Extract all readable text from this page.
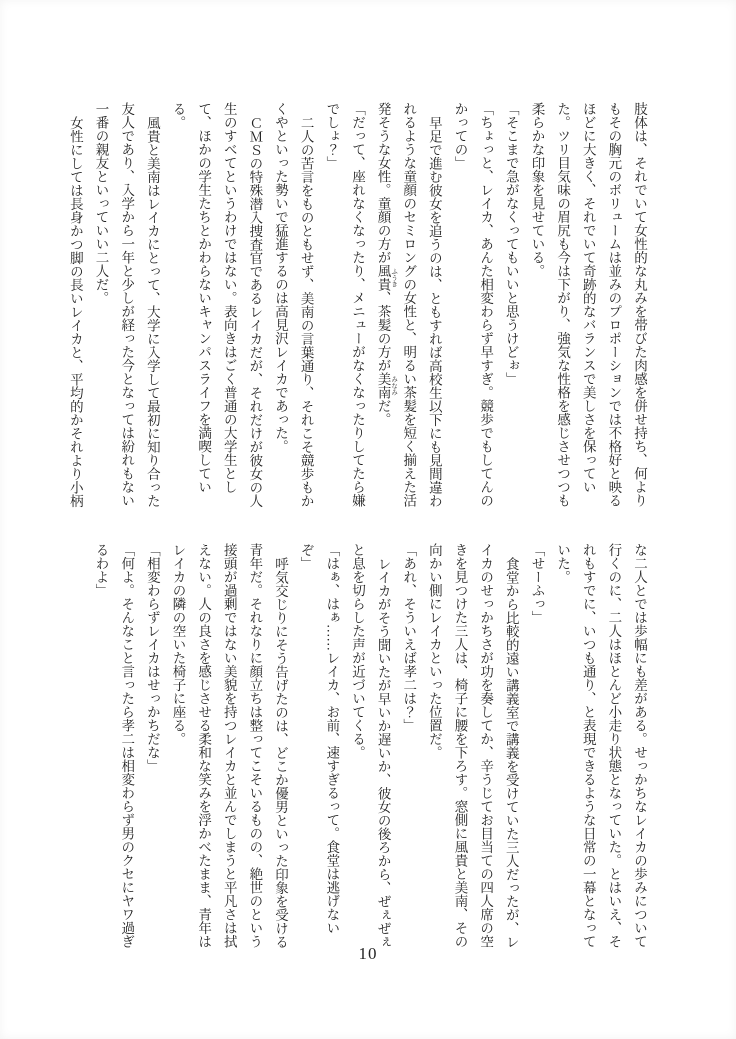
肢体は、それでいて女性的な丸みを帯びた肉感を併せ持ち、何よりもその胸元のボリュームは並みのプロポーションでは不格好と映るほどに大きく、それでいて奇跡的なバランスで美しさを保っていた。ツリ目気味の眉尻も今は下がり、強気な性格を感じさせつつも柔らかな印象を見せている。

「そこまで急がなくってもいいと思うけどぉ」

「ちょっと、レイカ、あんた相変わらず早すぎ。競歩でもしてんのかっての」

早足で進む彼女を追うのは、ともすれば高校生以下にも見間違われるような童顔のセミロングの女性と、明るい茶髪を短く揃えた活発そうな女性。童顔の方が風貴 ふうき、茶髪の方が美南 みなみだ。

「だって、座れなくなったり、メニューがなくなったりしてたら嫌でしょ？」

二人の苦言をものともせず、美南の言葉通り、それこそ競歩もかくやといった勢いで猛進するのは高見沢レイカであった。

ＣＭＳの特殊潜入捜査官であるレイカだが、それだけが彼女の人生のすべてというわけではない。表向きはごく普通の大学生として、ほかの学生たちとかわらないキャンパスライフを満喫している。

風貴と美南はレイカにとって、大学に入学して最初に知り合った友人であり、入学から一年と少しが経った今となっては紛れもない一番の親友といっていい二人だ。

女性にしては長身かつ脚の長いレイカと、平均的かそれより小柄

な二人とでは歩幅にも差がある。せっかちなレイカの歩みについて行くのに、二人はほとんど小走り状態となっていた。とはいえ、それもすでに、いつも通り、と表現できるような日常の一幕となっていた。

「せーふっ」

食堂から比較的遠い講義室で講義を受けていた三人だったが、レイカのせっかちさが功を奏してか、辛うじてお目当ての四人席の空きを見つけた三人は、椅子に腰を下ろす。窓側に風貴と美南、その向かい側にレイカといった位置だ。

「あれ、そういえば孝二は？」

レイカがそう聞いたが早いか遅いか、彼女の後ろから、ぜぇぜぇと息を切らした声が近づいてくる。

「はぁ、はぁ……レイカ、お前、速すぎるって。食堂は逃げないぞ」

呼気交じりにそう告げたのは、どこか優男といった印象を受ける青年だ。それなりに顔立ちは整ってこそいるものの、絶世のという接頭が過剰ではない美貌を持つレイカと並んでしまうと平凡さは拭えない。人の良さを感じさせる柔和な笑みを浮かべたまま、青年はレイカの隣の空いた椅子に座る。

「相変わらずレイカはせっかちだな」

「何よ。そんなこと言ったら孝二は相変わらず男のクセにヤワ過ぎるわよ」

10
